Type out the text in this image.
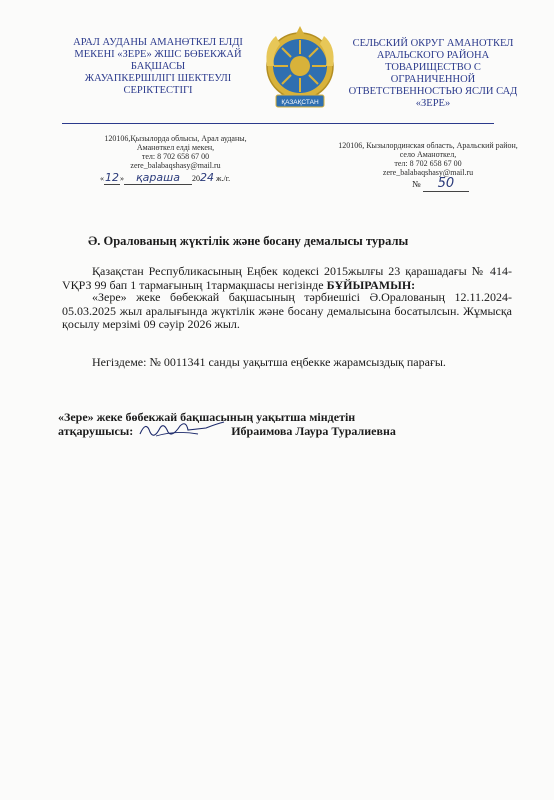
АРАЛ АУДАНЫ АМАНӨТКЕЛ ЕЛДІ
МЕКЕНІ «ЗЕРЕ» ЖШС БӨБЕКЖАЙ
БАҚШАСЫ
ЖАУАПКЕРШІЛІГІ ШЕКТЕУЛІ
СЕРІКТЕСТІГІ
ҚАЗАҚСТАН
СЕЛЬСКИЙ ОКРУГ АМАНОТКЕЛ
АРАЛЬСКОГО РАЙОНА
ТОВАРИЩЕСТВО С
ОГРАНИЧЕННОЙ
ОТВЕТСТВЕННОСТЬЮ ЯСЛИ САД
«ЗЕРЕ»
120106,Қызылорда облысы, Арал ауданы,
Аманөткел елді мекен,
тел: 8 702 658 67 00
zere_balabaqshasy@mail.ru
120106, Кызылординская область, Аральский район,
село Аманоткел,
тел: 8 702 658 67 00
zere_balabaqshasy@mail.ru
«12» қараша 2024 ж./г.
№ 50
Ә. Оралованың жүктілік және босану демалысы туралы
Қазақстан Республикасының Еңбек кодексі 2015жылғы 23 қарашадағы № 414-VҚРЗ 99 бап 1 тармағының 1тармақшасы негізінде БҰЙЫРАМЫН:
«Зере» жеке бөбекжай бақшасының тәрбиешісі Ә.Оралованың 12.11.2024-05.03.2025 жыл аралығында жүктілік және босану демалысына босатылсын. Жұмысқа қосылу мерзімі 09 сәуір 2026 жыл.
Негіздеме: № 0011341 санды уақытша еңбекке жарамсыздық парағы.
«Зере» жеке бөбекжай бақшасының уақытша міндетін
атқарушысы:	Ибраимова Лаура Туралиевна
